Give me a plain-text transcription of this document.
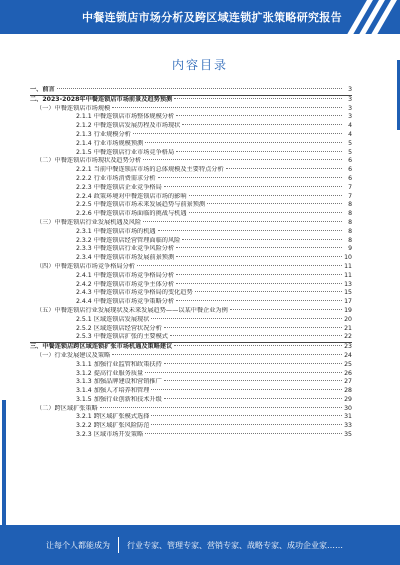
中餐连锁店市场分析及跨区域连锁扩张策略研究报告
内容目录
一、前言	3
二、2023-2028年中餐连锁店市场前景及趋势预测	3
（一）中餐连锁店市场规模	3
2.1.1 中餐连锁店市场整体规模分析	3
2.1.2 中餐连锁店发展历程及市场现状	4
2.1.3 行业规模分析	4
2.1.4 行业市场规模预测	5
2.1.5 中餐连锁店行业市场竞争格局	5
（二）中餐连锁店市场现状及趋势分析	6
2.2.1 当前中餐连锁店市场的总体规模及主要特点分析	6
2.2.2 行业市场消费需求分析	6
2.2.3 中餐连锁店企业竞争格局	7
2.2.4 政策环境对中餐连锁店市场的影响	7
2.2.5 中餐连锁店市场未来发展趋势与前景预测	8
2.2.6 中餐连锁店市场面临的挑战与机遇	8
（三）中餐连锁店行业发展机遇及风险	8
2.3.1 中餐连锁店市场的机遇	8
2.3.2 中餐连锁店经营管理面临的风险	8
2.3.3 中餐连锁店行业竞争风险分析	9
2.3.4 中餐连锁店市场发展前景预测	10
（四）中餐连锁店市场竞争格局分析	11
2.4.1 中餐连锁店市场竞争格局分析	11
2.4.2 中餐连锁店市场竞争主体分析	13
2.4.3 中餐连锁店市场竞争格局的变化趋势	15
2.4.4 中餐连锁店市场竞争策略分析	17
（五）中餐连锁店行业发展现状及未来发展趋势——以某中餐企业为例	19
2.5.1 区域连锁店发展现状	20
2.5.2 区域连锁店经营状况分析	21
2.5.3 中餐连锁店扩张的主要模式	22
三、中餐连锁店跨区域连锁扩张市场机遇及策略建议	23
（一）行业发展建议及策略	24
3.1.1 加强行业监管和政策扶持	25
3.1.2 提高行业服务质量	26
3.1.3 加强品牌建设和营销推广	27
3.1.4 加强人才培养和管理	28
3.1.5 加强行业创新和技术升级	29
（二）跨区域扩张策略	30
3.2.1 跨区域扩张模式选择	31
3.2.2 跨区域扩张风险防范	33
3.2.3 区域市场开发策略	35
让每个人都能成为 行业专家、管理专家、营销专家、战略专家、成功企业家……
